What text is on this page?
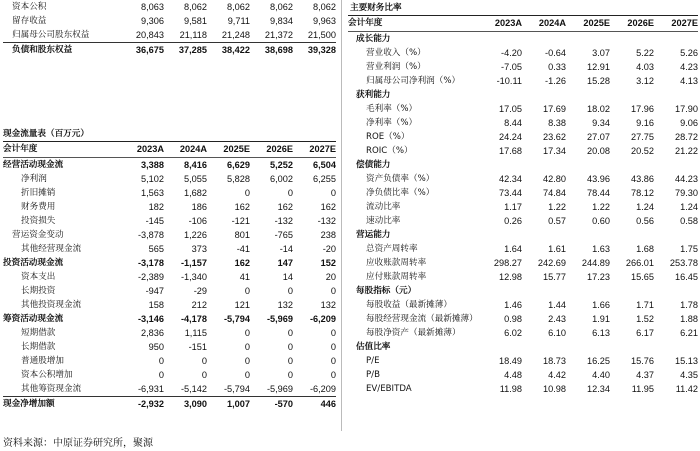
资本公积	8,063	8,062	8,062	8,062	8,062
留存收益	9,306	9,581	9,711	9,834	9,963
归属母公司股东权益	20,843	21,118	21,248	21,372	21,500
负债和股东权益	36,675	37,285	38,422	38,698	39,328
现金流量表（百万元）
会计年度	2023A	2024A	2025E	2026E	2027E
经营活动现金流	3,388	8,416	6,629	5,252	6,504
净利润	5,102	5,055	5,828	6,002	6,255
折旧摊销	1,563	1,682	0	0	0
财务费用	182	186	162	162	162
投资损失	-145	-106	-121	-132	-132
营运资金变动	-3,878	1,226	801	-765	238
其他经营现金流	565	373	-41	-14	-20
投资活动现金流	-3,178	-1,157	162	147	152
资本支出	-2,389	-1,340	41	14	20
长期投资	-947	-29	0	0	0
其他投资现金流	158	212	121	132	132
筹资活动现金流	-3,146	-4,178	-5,794	-5,969	-6,209
短期借款	2,836	1,115	0	0	0
长期借款	950	-151	0	0	0
普通股增加	0	0	0	0	0
资本公积增加	0	0	0	0	0
其他筹资现金流	-6,931	-5,142	-5,794	-5,969	-6,209
现金净增加额	-2,932	3,090	1,007	-570	446
主要财务比率
会计年度	2023A	2024A	2025E	2026E	2027E
成长能力					
营业收入（%）	-4.20	-0.64	3.07	5.22	5.26
营业利润（%）	-7.05	0.33	12.91	4.03	4.23
归属母公司净利润（%）	-10.11	-1.26	15.28	3.12	4.13
获利能力					
毛利率（%）	17.05	17.69	18.02	17.96	17.90
净利率（%）	8.44	8.38	9.34	9.16	9.06
ROE（%）	24.24	23.62	27.07	27.75	28.72
ROIC（%）	17.68	17.34	20.08	20.52	21.22
偿债能力					
资产负债率（%）	42.34	42.80	43.96	43.86	44.23
净负债比率（%）	73.44	74.84	78.44	78.12	79.30
流动比率	1.17	1.22	1.22	1.24	1.24
速动比率	0.26	0.57	0.60	0.56	0.58
营运能力					
总资产周转率	1.64	1.61	1.63	1.68	1.75
应收账款周转率	298.27	242.69	244.89	266.01	253.78
应付账款周转率	12.98	15.77	17.23	15.65	16.45
每股指标（元）					
每股收益（最新摊薄）	1.46	1.44	1.66	1.71	1.78
每股经营现金流（最新摊薄）	0.98	2.43	1.91	1.52	1.88
每股净资产（最新摊薄）	6.02	6.10	6.13	6.17	6.21
估值比率					
P/E	18.49	18.73	16.25	15.76	15.13
P/B	4.48	4.42	4.40	4.37	4.35
EV/EBITDA	11.98	10.98	12.34	11.95	11.42
资料来源：中原证券研究所，聚源
